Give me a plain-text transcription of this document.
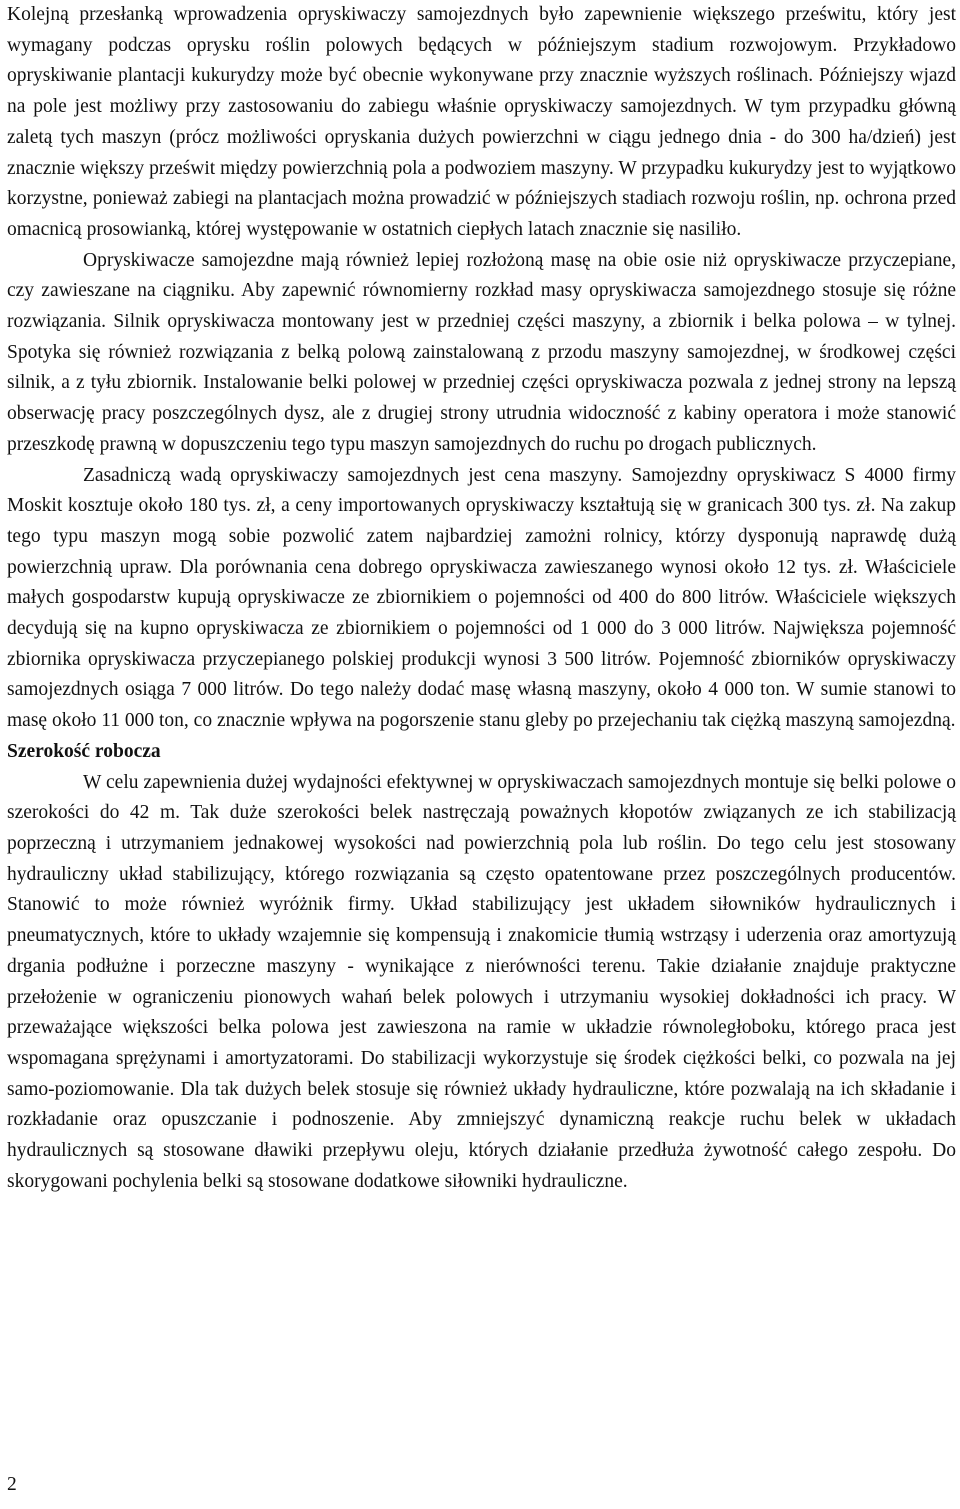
Kolejną przesłanką wprowadzenia opryskiwaczy samojezdnych było zapewnienie większego prześwitu, który jest wymagany podczas oprysku roślin polowych będących w późniejszym stadium rozwojowym. Przykładowo opryskiwanie plantacji kukurydzy może być obecnie wykonywane przy znacznie wyższych roślinach. Późniejszy wjazd na pole jest możliwy przy zastosowaniu do zabiegu właśnie opryskiwaczy samojezdnych. W tym przypadku główną zaletą tych maszyn (prócz możliwości opryskania dużych powierzchni w ciągu jednego dnia - do 300 ha/dzień) jest znacznie większy prześwit między powierzchnią pola a podwoziem maszyny. W przypadku kukurydzy jest to wyjątkowo korzystne, ponieważ zabiegi na plantacjach można prowadzić w późniejszych stadiach rozwoju roślin, np. ochrona przed omacnicą prosowianką, której występowanie w ostatnich ciepłych latach znacznie się nasiliło.

Opryskiwacze samojezdne mają również lepiej rozłożoną masę na obie osie niż opryskiwacze przyczepiane, czy zawieszane na ciągniku. Aby zapewnić równomierny rozkład masy opryskiwacza samojezdnego stosuje się różne rozwiązania. Silnik opryskiwacza montowany jest w przedniej części maszyny, a zbiornik i belka polowa – w tylnej. Spotyka się również rozwiązania z belką polową zainstalowaną z przodu maszyny samojezdnej, w środkowej części silnik, a z tyłu zbiornik. Instalowanie belki polowej w przedniej części opryskiwacza pozwala z jednej strony na lepszą obserwację pracy poszczególnych dysz, ale z drugiej strony utrudnia widoczność z kabiny operatora i może stanowić przeszkodę prawną w dopuszczeniu tego typu maszyn samojezdnych do ruchu po drogach publicznych.

Zasadniczą wadą opryskiwaczy samojezdnych jest cena maszyny. Samojezdny opryskiwacz S 4000 firmy Moskit kosztuje około 180 tys. zł, a ceny importowanych opryskiwaczy kształtują się w granicach 300 tys. zł. Na zakup tego typu maszyn mogą sobie pozwolić zatem najbardziej zamożni rolnicy, którzy dysponują naprawdę dużą powierzchnią upraw. Dla porównania cena dobrego opryskiwacza zawieszanego wynosi około 12 tys. zł. Właściciele małych gospodarstw kupują opryskiwacze ze zbiornikiem o pojemności od 400 do 800 litrów. Właściciele większych decydują się na kupno opryskiwacza ze zbiornikiem o pojemności od 1 000 do 3 000 litrów. Największa pojemność zbiornika opryskiwacza przyczepianego polskiej produkcji wynosi 3 500 litrów. Pojemność zbiorników opryskiwaczy samojezdnych osiąga 7 000 litrów. Do tego należy dodać masę własną maszyny, około 4 000 ton. W sumie stanowi to masę około 11 000 ton, co znacznie wpływa na pogorszenie stanu gleby po przejechaniu tak ciężką maszyną samojezdną.

Szerokość robocza

W celu zapewnienia dużej wydajności efektywnej w opryskiwaczach samojezdnych montuje się belki polowe o szerokości do 42 m. Tak duże szerokości belek nastręczają poważnych kłopotów związanych ze ich stabilizacją poprzeczną i utrzymaniem jednakowej wysokości nad powierzchnią pola lub roślin. Do tego celu jest stosowany hydrauliczny układ stabilizujący, którego rozwiązania są często opatentowane przez poszczególnych producentów. Stanowić to może również wyróżnik firmy. Układ stabilizujący jest układem siłowników hydraulicznych i pneumatycznych, które to układy wzajemnie się kompensują i znakomicie tłumią wstrząsy i uderzenia oraz amortyzują drgania podłużne i porzeczne maszyny - wynikające z nierówności terenu. Takie działanie znajduje praktyczne przełożenie w ograniczeniu pionowych wahań belek polowych i utrzymaniu wysokiej dokładności ich pracy. W przeważające większości belka polowa jest zawieszona na ramie w układzie równoległoboku, którego praca jest wspomagana sprężynami i amortyzatorami. Do stabilizacji wykorzystuje się środek ciężkości belki, co pozwala na jej samo-poziomowanie. Dla tak dużych belek stosuje się również układy hydrauliczne, które pozwalają na ich składanie i rozkładanie oraz opuszczanie i podnoszenie. Aby zmniejszyć dynamiczną reakcje ruchu belek w układach hydraulicznych są stosowane dławiki przepływu oleju, których działanie przedłuża żywotność całego zespołu. Do skorygowani pochylenia belki są stosowane dodatkowe siłowniki hydrauliczne.

2
